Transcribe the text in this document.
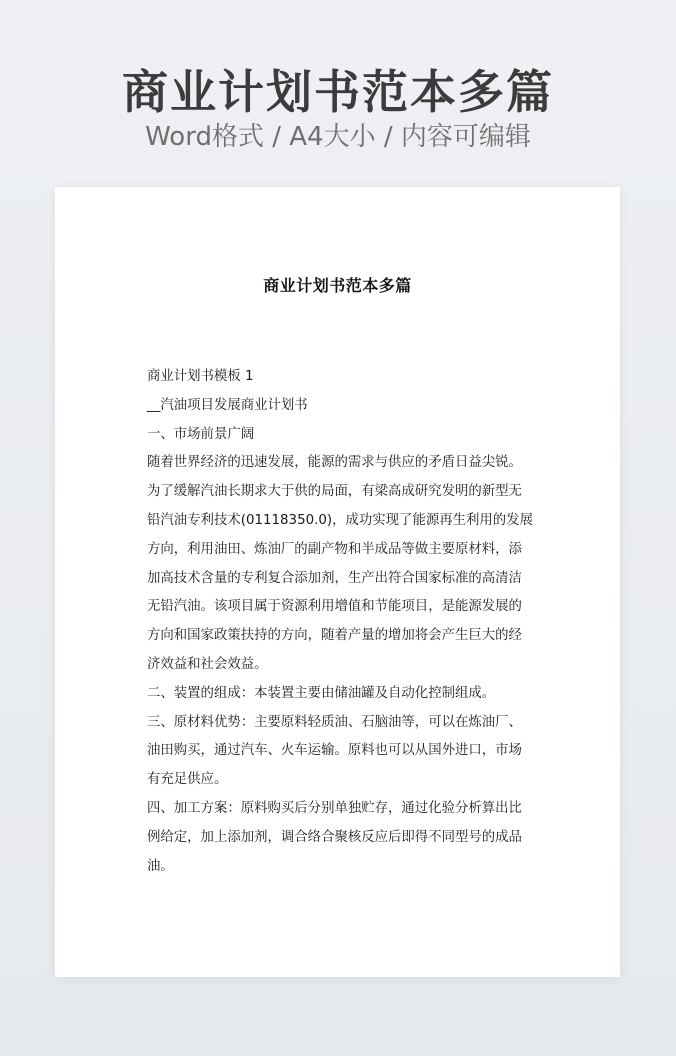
商业计划书范本多篇
Word格式 / A4大小 / 内容可编辑
商业计划书范本多篇
商业计划书模板 1
__汽油项目发展商业计划书
一、市场前景广阔
随着世界经济的迅速发展，能源的需求与供应的矛盾日益尖锐。
为了缓解汽油长期求大于供的局面，有梁高成研究发明的新型无
铅汽油专利技术(01118350.0)，成功实现了能源再生利用的发展
方向，利用油田、炼油厂的副产物和半成品等做主要原材料，添
加高技术含量的专利复合添加剂，生产出符合国家标准的高清洁
无铅汽油。该项目属于资源利用增值和节能项目，是能源发展的
方向和国家政策扶持的方向，随着产量的增加将会产生巨大的经
济效益和社会效益。
二、装置的组成：本装置主要由储油罐及自动化控制组成。
三、原材料优势：主要原料轻质油、石脑油等，可以在炼油厂、
油田购买，通过汽车、火车运输。原料也可以从国外进口，市场
有充足供应。
四、加工方案：原料购买后分别单独贮存，通过化验分析算出比
例给定，加上添加剂，调合络合聚核反应后即得不同型号的成品
油。
